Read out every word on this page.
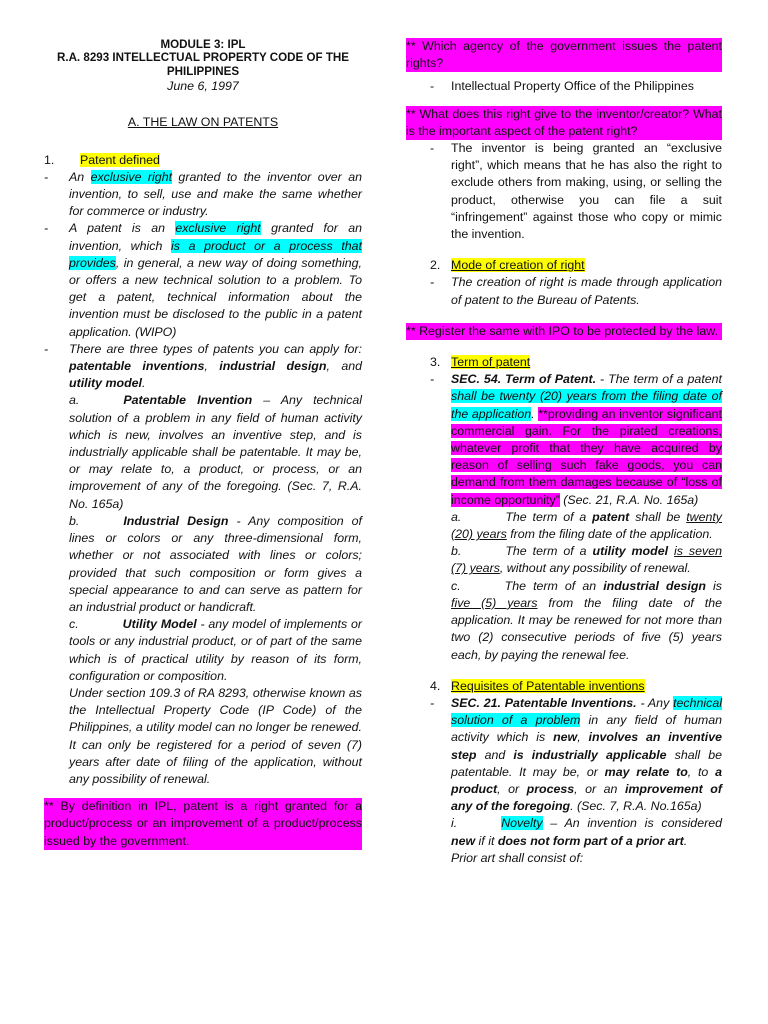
MODULE 3: IPL

R.A. 8293 INTELLECTUAL PROPERTY CODE OF THE PHILIPPINES

June 6, 1997

A. THE LAW ON PATENTS

1. Patent defined

- An exclusive right granted to the inventor over an invention, to sell, use and make the same whether for commerce or industry.

- A patent is an exclusive right granted for an invention, which is a product or a process that provides, in general, a new way of doing something, or offers a new technical solution to a problem. To get a patent, technical information about the invention must be disclosed to the public in a patent application. (WIPO)

- There are three types of patents you can apply for: patentable inventions, industrial design, and utility model.

a.	Patentable Invention – Any technical solution of a problem in any field of human activity which is new, involves an inventive step, and is industrially applicable shall be patentable. It may be, or may relate to, a product, or process, or an improvement of any of the foregoing. (Sec. 7, R.A. No. 165a)

b.	Industrial Design - Any composition of lines or colors or any three-dimensional form, whether or not associated with lines or colors; provided that such composition or form gives a special appearance to and can serve as pattern for an industrial product or handicraft.

c.	Utility Model - any model of implements or tools or any industrial product, or of part of the same which is of practical utility by reason of its form, configuration or composition.

Under section 109.3 of RA 8293, otherwise known as the Intellectual Property Code (IP Code) of the Philippines, a utility model can no longer be renewed. It can only be registered for a period of seven (7) years after date of filing of the application, without any possibility of renewal.

** By definition in IPL, patent is a right granted for a product/process or an improvement of a product/process issued by the government.

** Which agency of the government issues the patent rights?

- Intellectual Property Office of the Philippines

** What does this right give to the inventor/creator? What is the important aspect of the patent right?

- The inventor is being granted an “exclusive right”, which means that he has also the right to exclude others from making, using, or selling the product, otherwise you can file a suit “infringement” against those who copy or mimic the invention.

2. Mode of creation of right

- The creation of right is made through application of patent to the Bureau of Patents.

** Register the same with IPO to be protected by the law.

3. Term of patent

- SEC. 54. Term of Patent. - The term of a patent shall be twenty (20) years from the filing date of the application. **providing an inventor significant commercial gain. For the pirated creations, whatever profit that they have acquired by reason of selling such fake goods, you can demand from them damages because of “loss of income opportunity” (Sec. 21, R.A. No. 165a)

a.	The term of a patent shall be twenty (20) years from the filing date of the application.

b.	The term of a utility model is seven (7) years, without any possibility of renewal.

c.	The term of an industrial design is five (5) years from the filing date of the application. It may be renewed for not more than two (2) consecutive periods of five (5) years each, by paying the renewal fee.

4. Requisites of Patentable inventions

- SEC. 21. Patentable Inventions. - Any technical solution of a problem in any field of human activity which is new, involves an inventive step and is industrially applicable shall be patentable. It may be, or may relate to, to a product, or process, or an improvement of any of the foregoing. (Sec. 7, R.A. No.165a)

i.	Novelty – An invention is considered new if it does not form part of a prior art.
Prior art shall consist of:
